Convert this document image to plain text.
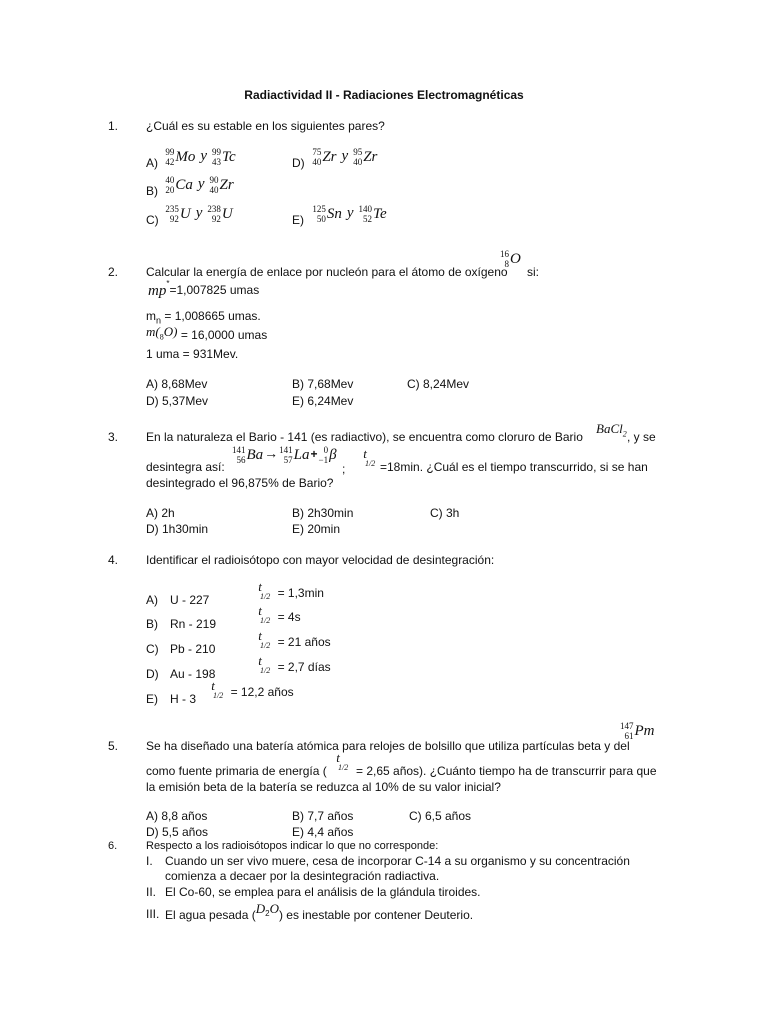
Radiactividad II - Radiaciones Electromagnéticas
1. ¿Cuál es su estable en los siguientes pares?
A)
99
42 Mo y 99
43 Tc
B)
40
20 Ca y 90
40 Zr
C)
235
92 U y 238
92 U
D)
75
40 Zr y 95
40 Zr
E)
125
50 Sn y 140
52 Te
2. Calcular la energía de enlace por nucleón para el átomo de oxígeno
16
8 O
si:
mp*=1,007825 umas
$m_n = 1,008665$ umas.
$m(_8O) = 16,0000$ umas
1 uma = 931Mev.
A) 8,68Mev	B) 7,68Mev	C) 8,24Mev
D) 5,37Mev	E) 6,24Mev
3. En la naturaleza el Bario - 141 (es radiactivo), se encuentra como cloruro de Bario
BaCl$_2$ , y se
desintegra así:
141
56 Ba → 141
57 La + 0
−1 β
;
t
1/2 =18min. ¿Cuál es el tiempo transcurrido, si se han
desintegrado el 96,875% de Bario?
A) 2h	B) 2h30min	C) 3h
D) 1h30min	E) 20min
4. Identificar el radioisótopo con mayor velocidad de desintegración:
A) U - 227
t
1/2 = 1,3min
B) Rn - 219
t
1/2 = 4s
C) Pb - 210
t
1/2 = 21 años
D) Au - 198
t
1/2 = 2,7 días
E) H - 3
t
1/2 = 12,2 años
5. Se ha diseñado una batería atómica para relojes de bolsillo que utiliza partículas beta y del
147
61 Pm
como fuente primaria de energía (
t
1/2 = 2,65 años). ¿Cuánto tiempo ha de transcurrir para que
la emisión beta de la batería se reduzca al 10% de su valor inicial?
A) 8,8 años	B) 7,7 años	C) 6,5 años
D) 5,5 años	E) 4,4 años
6.	Respecto a los radioisótopos indicar lo que no corresponde:
I. Cuando un ser vivo muere, cesa de incorporar C-14 a su organismo y su concentración
comienza a decaer por la desintegración radiactiva.
II. El Co-60, se emplea para el análisis de la glándula tiroides.
III. El agua pesada $(D_2O)$ es inestable por contener Deuterio.
